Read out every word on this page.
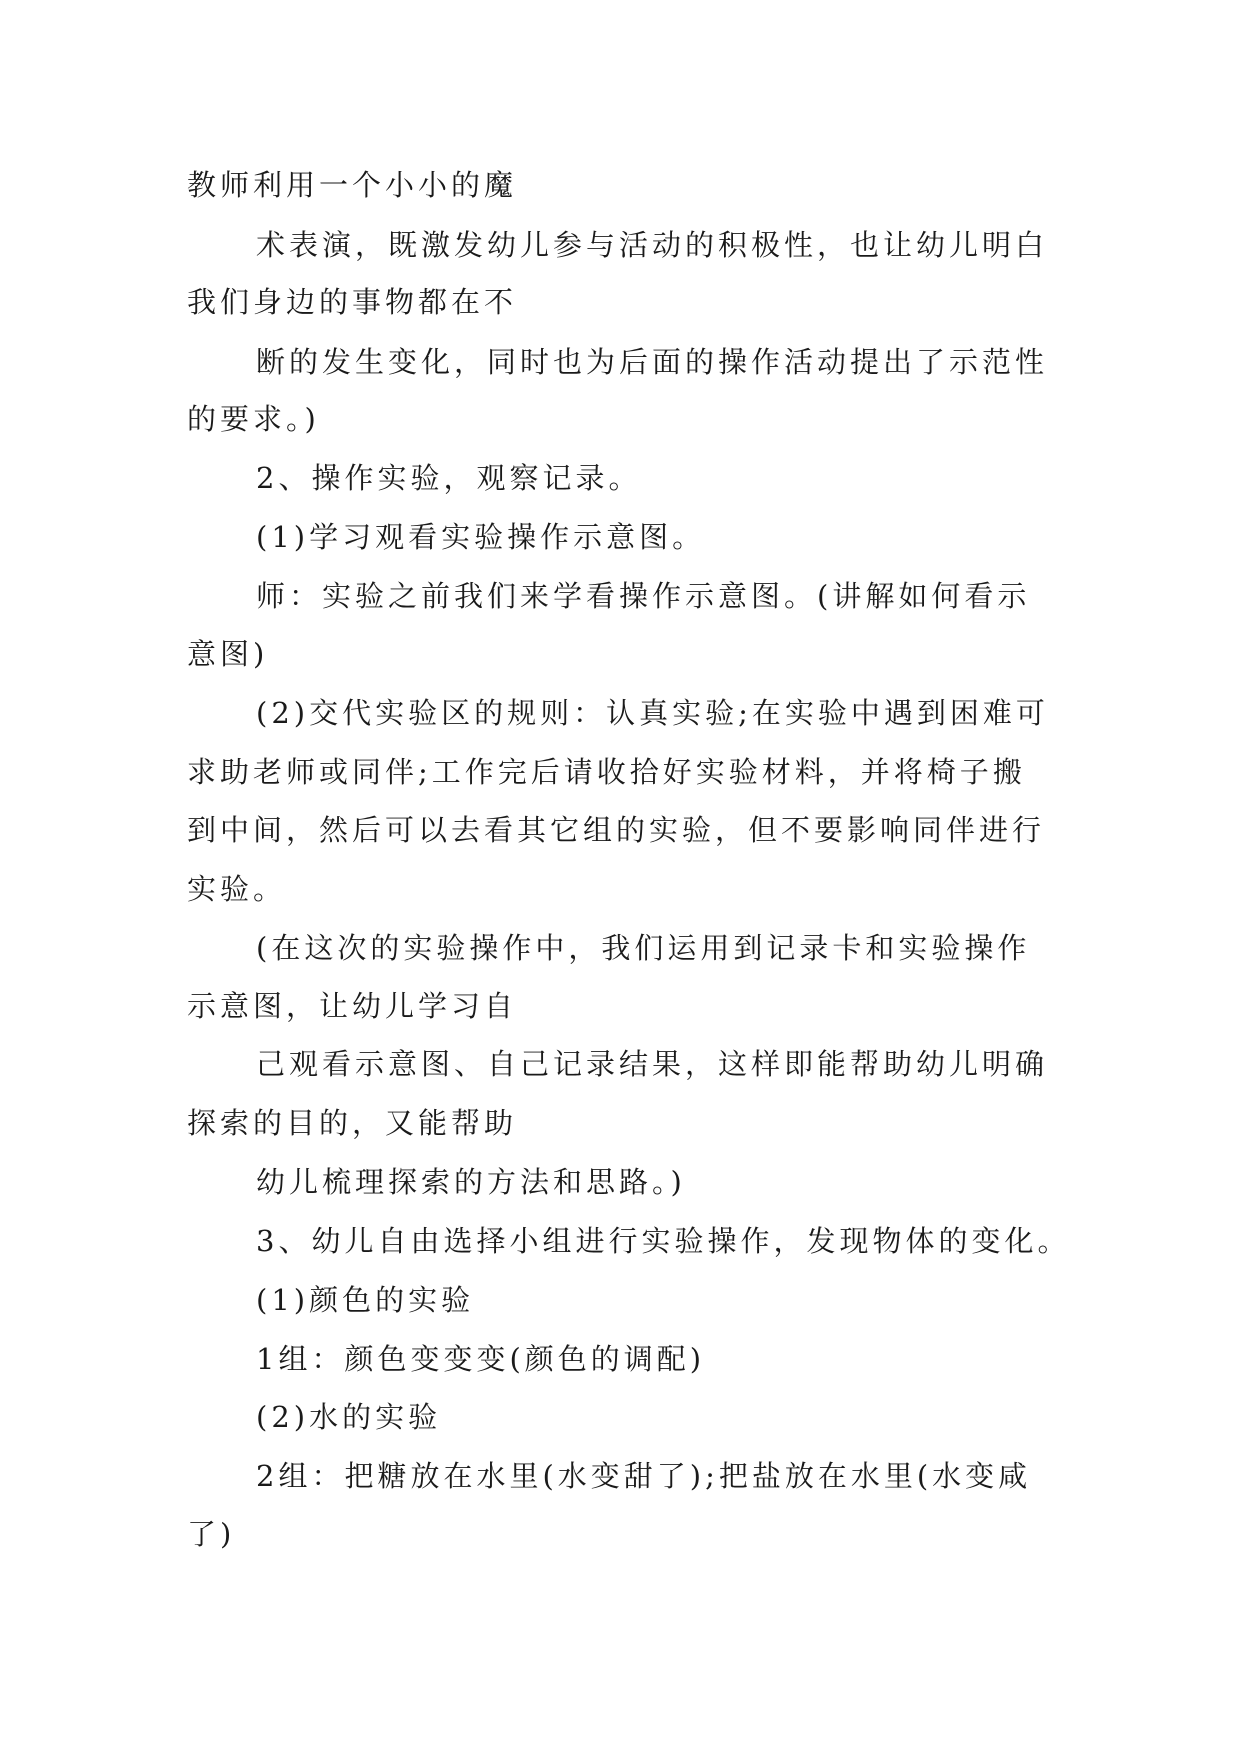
教师利用一个小小的魔
术表演，既激发幼儿参与活动的积极性，也让幼儿明白
我们身边的事物都在不
断的发生变化，同时也为后面的操作活动提出了示范性
的要求。)
2、操作实验，观察记录。
(1)学习观看实验操作示意图。
师：实验之前我们来学看操作示意图。(讲解如何看示
意图)
(2)交代实验区的规则：认真实验;在实验中遇到困难可
求助老师或同伴;工作完后请收拾好实验材料，并将椅子搬
到中间，然后可以去看其它组的实验，但不要影响同伴进行
实验。
(在这次的实验操作中，我们运用到记录卡和实验操作
示意图，让幼儿学习自
己观看示意图、自己记录结果，这样即能帮助幼儿明确
探索的目的，又能帮助
幼儿梳理探索的方法和思路。)
3、幼儿自由选择小组进行实验操作，发现物体的变化。
(1)颜色的实验
1组：颜色变变变(颜色的调配)
(2)水的实验
2组：把糖放在水里(水变甜了);把盐放在水里(水变咸
了)
